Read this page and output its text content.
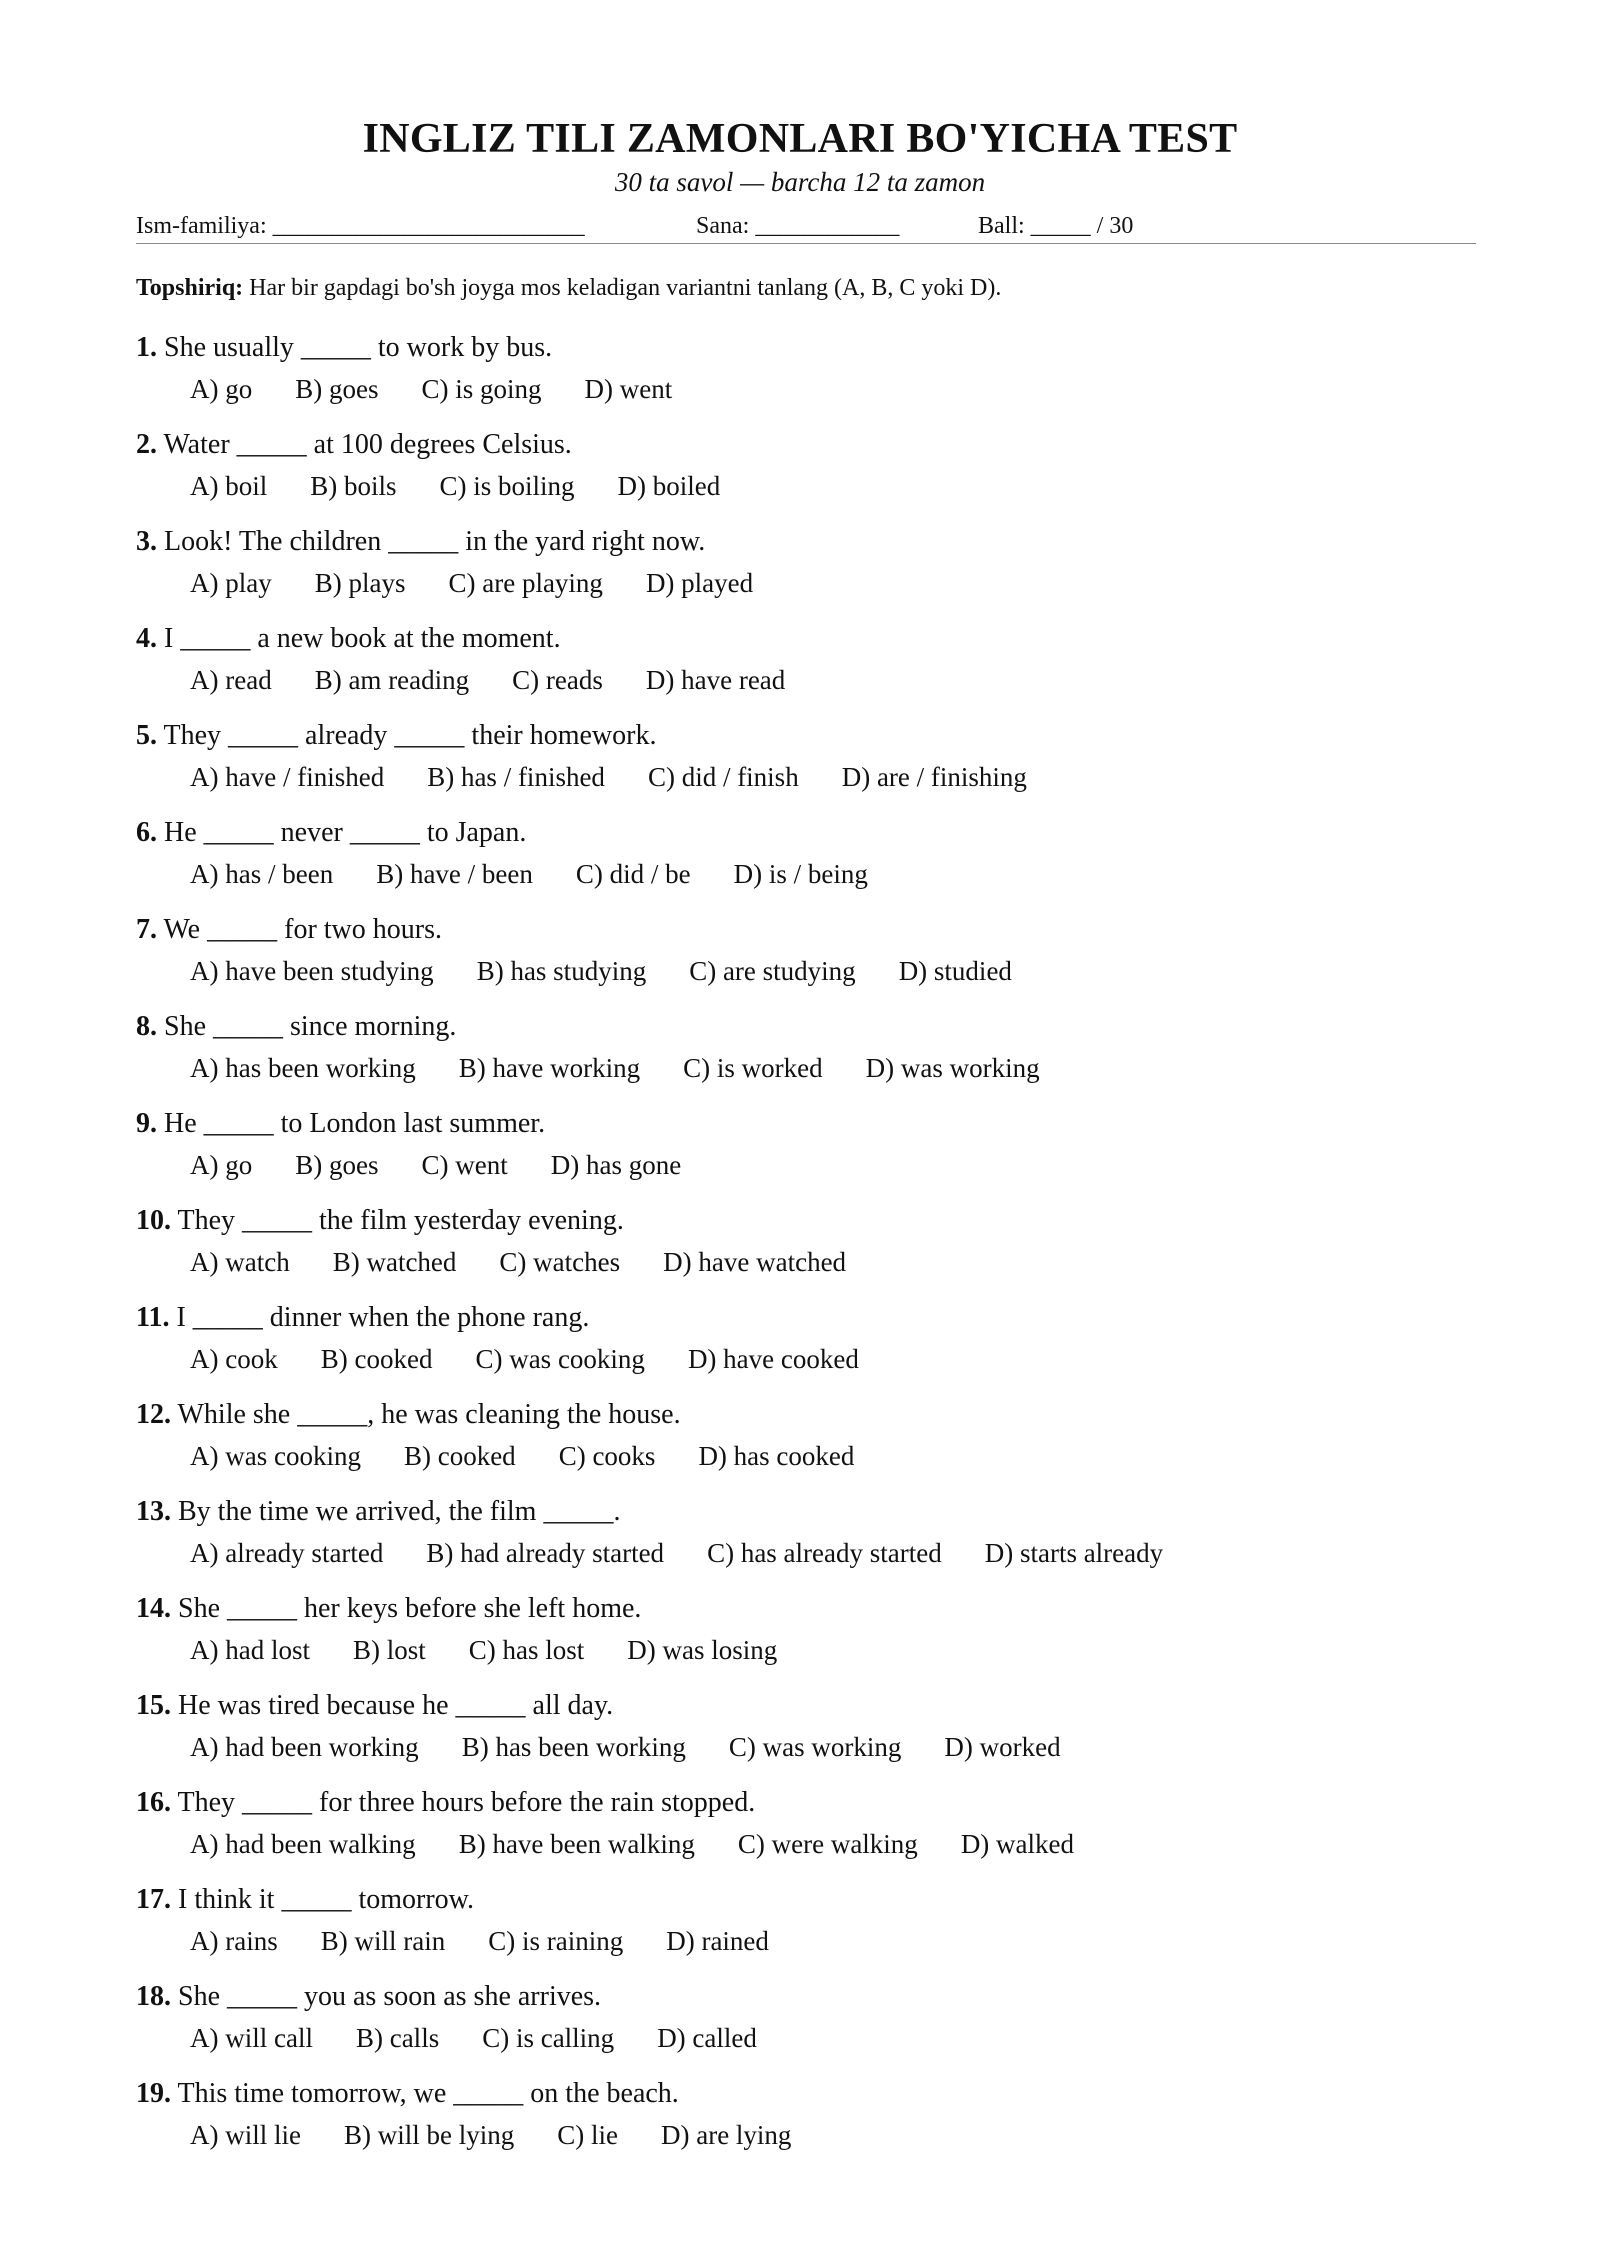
INGLIZ TILI ZAMONLARI BO'YICHA TEST
30 ta savol — barcha 12 ta zamon
Ism-familiya: __________________________	Sana: ____________	Ball: _____ / 30
Topshiriq: Har bir gapdagi bo'sh joyga mos keladigan variantni tanlang (A, B, C yoki D).
1. She usually _____ to work by bus.
A) go B) goes C) is going D) went
2. Water _____ at 100 degrees Celsius.
A) boil B) boils C) is boiling D) boiled
3. Look! The children _____ in the yard right now.
A) play B) plays C) are playing D) played
4. I _____ a new book at the moment.
A) read B) am reading C) reads D) have read
5. They _____ already _____ their homework.
A) have / finished B) has / finished C) did / finish D) are / finishing
6. He _____ never _____ to Japan.
A) has / been B) have / been C) did / be D) is / being
7. We _____ for two hours.
A) have been studying B) has studying C) are studying D) studied
8. She _____ since morning.
A) has been working B) have working C) is worked D) was working
9. He _____ to London last summer.
A) go B) goes C) went D) has gone
10. They _____ the film yesterday evening.
A) watch B) watched C) watches D) have watched
11. I _____ dinner when the phone rang.
A) cook B) cooked C) was cooking D) have cooked
12. While she _____, he was cleaning the house.
A) was cooking B) cooked C) cooks D) has cooked
13. By the time we arrived, the film _____.
A) already started B) had already started C) has already started D) starts already
14. She _____ her keys before she left home.
A) had lost B) lost C) has lost D) was losing
15. He was tired because he _____ all day.
A) had been working B) has been working C) was working D) worked
16. They _____ for three hours before the rain stopped.
A) had been walking B) have been walking C) were walking D) walked
17. I think it _____ tomorrow.
A) rains B) will rain C) is raining D) rained
18. She _____ you as soon as she arrives.
A) will call B) calls C) is calling D) called
19. This time tomorrow, we _____ on the beach.
A) will lie B) will be lying C) lie D) are lying
